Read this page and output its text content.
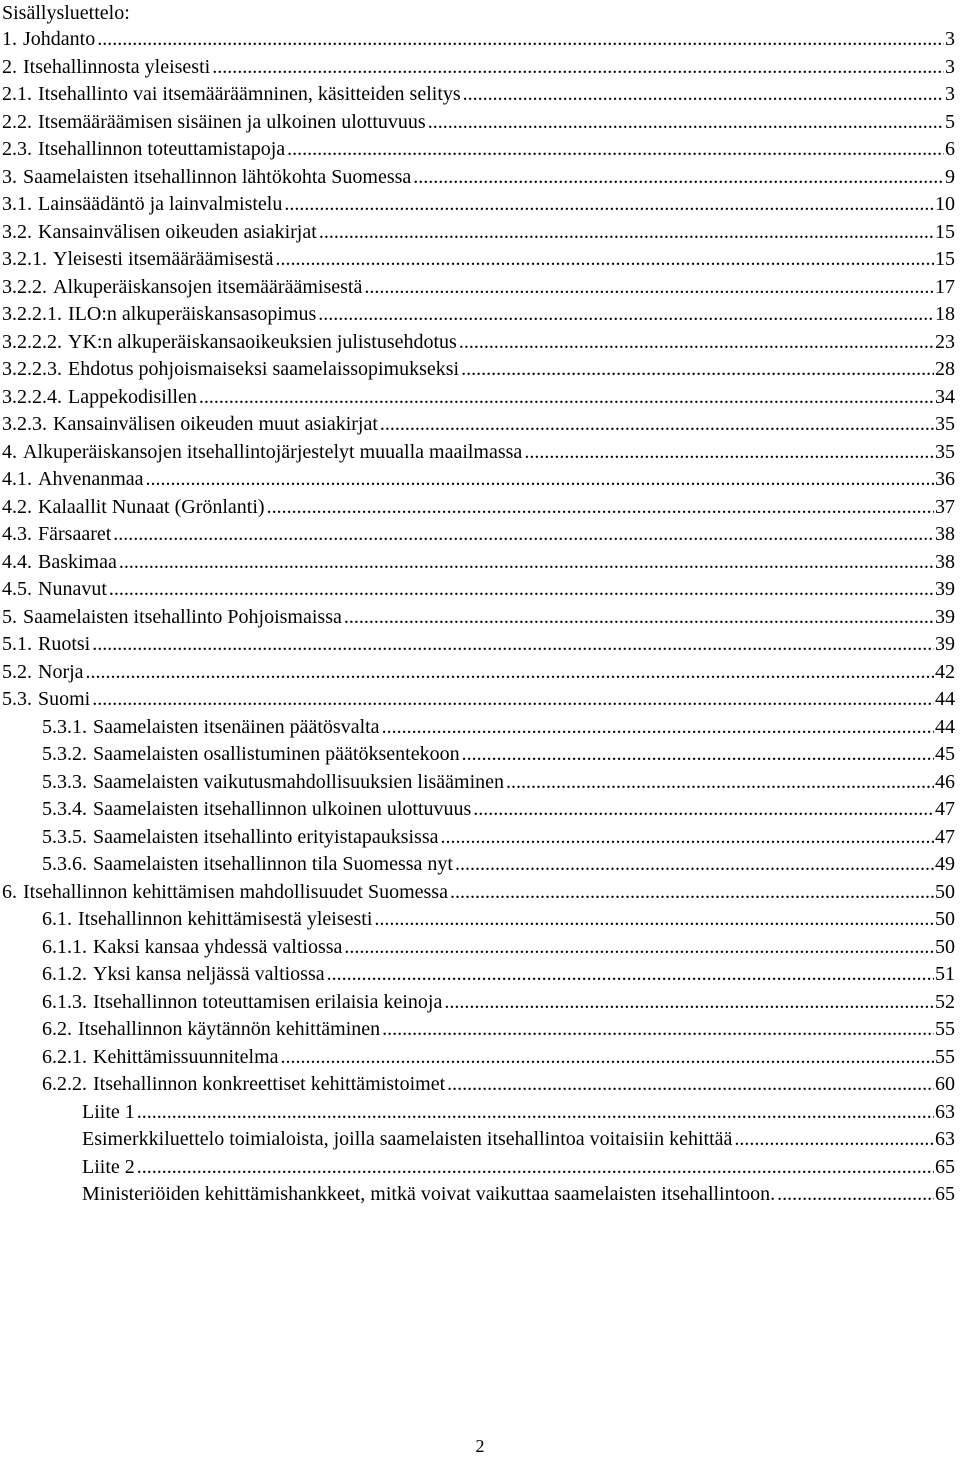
Sisällysluettelo:
1. Johdanto .....	3
2. Itsehallinnosta yleisesti .....	3
2.1. Itsehallinto vai itsemääräämninen, käsitteiden selitys .....	3
2.2. Itsemääräämisen sisäinen ja ulkoinen ulottuvuus .....	5
2.3. Itsehallinnon toteuttamistapoja .....	6
3. Saamelaisten itsehallinnon lähtökohta Suomessa .....	9
3.1. Lainsäädäntö ja lainvalmistelu .....	10
3.2. Kansainvälisen oikeuden asiakirjat .....	15
3.2.1. Yleisesti itsemääräämisestä .....	15
3.2.2. Alkuperäiskansojen itsemääräämisestä .....	17
3.2.2.1. ILO:n alkuperäiskansasopimus .....	18
3.2.2.2. YK:n alkuperäiskansaoikeuksien julistusehdotus .....	23
3.2.2.3. Ehdotus pohjoismaiseksi saamelaissopimukseksi .....	28
3.2.2.4. Lappekodisillen .....	34
3.2.3. Kansainvälisen oikeuden muut asiakirjat .....	35
4. Alkuperäiskansojen itsehallintojärjestelyt muualla maailmassa .....	35
4.1. Ahvenanmaa .....	36
4.2. Kalaallit Nunaat (Grönlanti) .....	37
4.3. Färsaaret .....	38
4.4. Baskimaa .....	38
4.5. Nunavut .....	39
5. Saamelaisten itsehallinto Pohjoismaissa .....	39
5.1. Ruotsi .....	39
5.2. Norja .....	42
5.3. Suomi .....	44
5.3.1. Saamelaisten itsenäinen päätösvalta .....	44
5.3.2. Saamelaisten osallistuminen päätöksentekoon .....	45
5.3.3. Saamelaisten vaikutusmahdollisuuksien lisääminen .....	46
5.3.4. Saamelaisten itsehallinnon ulkoinen ulottuvuus .....	47
5.3.5. Saamelaisten itsehallinto erityistapauksissa .....	47
5.3.6. Saamelaisten itsehallinnon tila Suomessa nyt .....	49
6. Itsehallinnon kehittämisen mahdollisuudet Suomessa .....	50
6.1. Itsehallinnon kehittämisestä yleisesti .....	50
6.1.1. Kaksi kansaa yhdessä valtiossa .....	50
6.1.2. Yksi kansa neljässä valtiossa .....	51
6.1.3. Itsehallinnon toteuttamisen erilaisia keinoja .....	52
6.2. Itsehallinnon käytännön kehittäminen .....	55
6.2.1. Kehittämissuunnitelma .....	55
6.2.2. Itsehallinnon konkreettiset kehittämistoimet .....	60
Liite 1 .....	63
Esimerkkiluettelo toimialoista, joilla saamelaisten itsehallintoa voitaisiin kehittää .....	63
Liite 2 .....	65
Ministeriöiden kehittämishankkeet, mitkä voivat vaikuttaa saamelaisten itsehallintoon. .....	65
2
